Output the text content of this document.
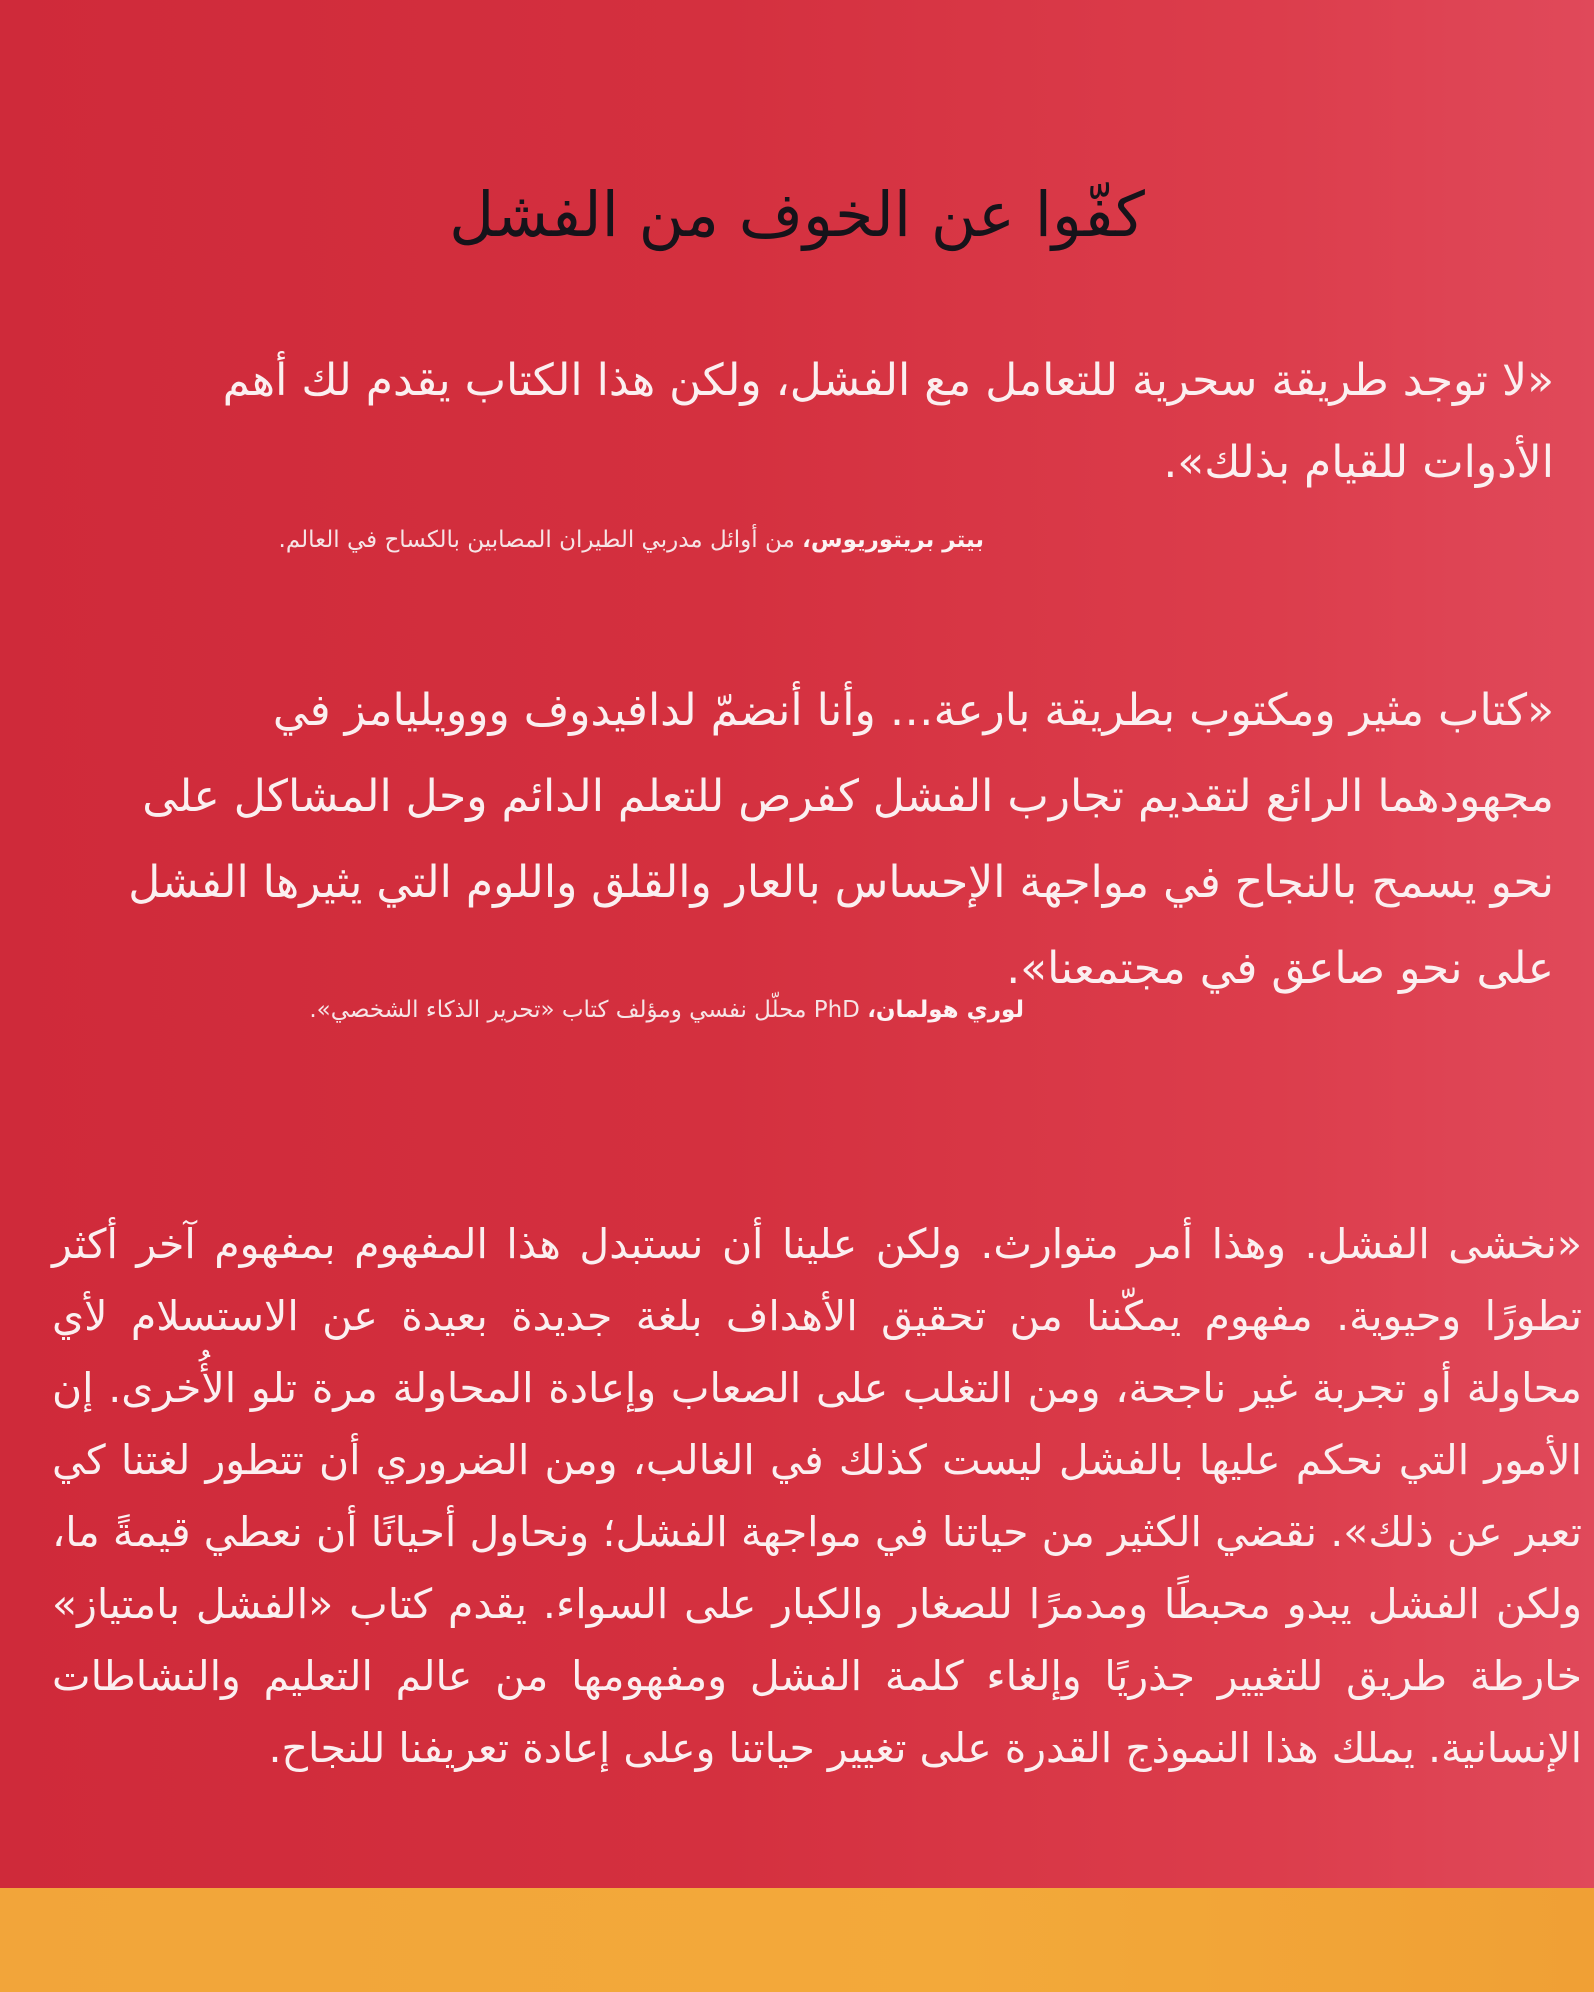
كفّوا عن الخوف من الفشل

«لا توجد طريقة سحرية للتعامل مع الفشل، ولكن هذا الكتاب يقدم لك أهم الأدوات للقيام بذلك».

بيتر بريتوريوس، من أوائل مدربي الطيران المصابين بالكساح في العالم.

«كتاب مثير ومكتوب بطريقة بارعة… وأنا أنضمّ لدافيدوف ووويليامز في مجهودهما الرائع لتقديم تجارب الفشل كفرص للتعلم الدائم وحل المشاكل على نحو يسمح بالنجاح في مواجهة الإحساس بالعار والقلق واللوم التي يثيرها الفشل على نحو صاعق في مجتمعنا».

لوري هولمان، PhD محلّل نفسي ومؤلف كتاب «تحرير الذكاء الشخصي».

«نخشى الفشل. وهذا أمر متوارث. ولكن علينا أن نستبدل هذا المفهوم بمفهوم آخر أكثر تطورًا وحيوية. مفهوم يمكّننا من تحقيق الأهداف بلغة جديدة بعيدة عن الاستسلام لأي محاولة أو تجربة غير ناجحة، ومن التغلب على الصعاب وإعادة المحاولة مرة تلو الأُخرى. إن الأمور التي نحكم عليها بالفشل ليست كذلك في الغالب، ومن الضروري أن تتطور لغتنا كي تعبر عن ذلك». نقضي الكثير من حياتنا في مواجهة الفشل؛ ونحاول أحيانًا أن نعطي قيمةً ما، ولكن الفشل يبدو محبطًا ومدمرًا للصغار والكبار على السواء. يقدم كتاب «الفشل بامتياز» خارطة طريق للتغيير جذريًا وإلغاء كلمة الفشل ومفهومها من عالم التعليم والنشاطات الإنسانية. يملك هذا النموذج القدرة على تغيير حياتنا وعلى إعادة تعريفنا للنجاح.
